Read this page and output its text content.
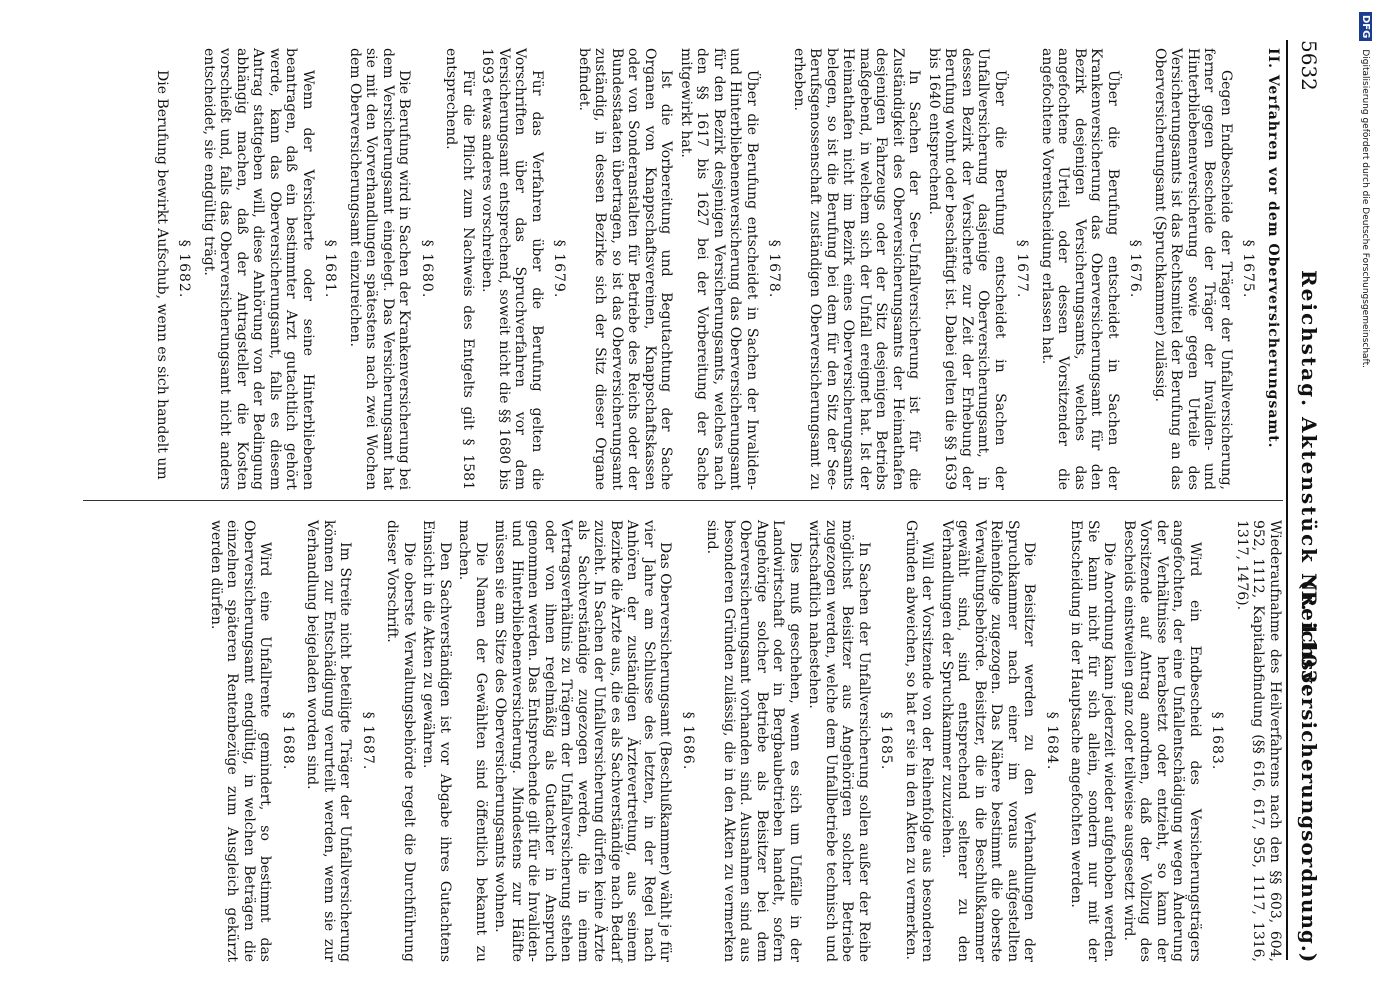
5632
Reichstag. Aktenstück Nr. 1103.
(Reichsversicherungsordnung.)
II. Verfahren vor dem Oberversicherungsamt.
§ 1675.

Gegen Endbescheide der Träger der Unfallversicherung, ferner gegen Bescheide der Träger der Invaliden- und Hinterbliebenenversicherung sowie gegen Urteile des Versicherungsamts ist das Rechtsmittel der Berufung an das Oberversicherungsamt (Spruchkammer) zulässig.

§ 1676.

Über die Berufung entscheidet in Sachen der Krankenversicherung das Oberversicherungsamt für den Bezirk desjenigen Versicherungsamts, welches das angefochtene Urteil oder dessen Vorsitzender die angefochtene Vorentscheidung erlassen hat.

§ 1677.

Über die Berufung entscheidet in Sachen der Unfallversicherung dasjenige Oberversicherungsamt, in dessen Bezirk der Versicherte zur Zeit der Erhebung der Berufung wohnt oder beschäftigt ist. Dabei gelten die §§ 1639 bis 1640 entsprechend.

In Sachen der See-Unfallversicherung ist für die Zuständigkeit des Oberversicherungsamts der Heimathafen desjenigen Fahrzeugs oder der Sitz desjenigen Betriebs maßgebend, in welchem sich der Unfall ereignet hat. Ist der Heimathafen nicht im Bezirk eines Oberversicherungsamts belegen, so ist die Berufung bei dem für den Sitz der See-Berufsgenossenschaft zuständigen Oberversicherungsamt zu erheben.

§ 1678.

Über die Berufung entscheidet in Sachen der Invaliden- und Hinterbliebenenversicherung das Oberversicherungsamt für den Bezirk desjenigen Versicherungsamts, welches nach den §§ 1617 bis 1627 bei der Vorbereitung der Sache mitgewirkt hat.

Ist die Vorbereitung und Begutachtung der Sache Organen von Knappschaftsvereinen, Knappschaftskassen oder von Sonderanstalten für Betriebe des Reichs oder der Bundesstaaten übertragen, so ist das Oberversicherungsamt zuständig, in dessen Bezirke sich der Sitz dieser Organe befindet.

§ 1679.

Für das Verfahren über die Berufung gelten die Vorschriften über das Spruchverfahren vor dem Versicherungsamt entsprechend, soweit nicht die §§ 1680 bis 1693 etwas anderes vorschreiben.

Für die Pflicht zum Nachweis des Entgelts gilt § 1581 entsprechend.

§ 1680.

Die Berufung wird in Sachen der Krankenversicherung bei dem Versicherungsamt eingelegt. Das Versicherungsamt hat sie mit den Vorverhandlungen spätestens nach zwei Wochen dem Oberversicherungsamt einzureichen.

§ 1681.

Wenn der Versicherte oder seine Hinterbliebenen beantragen, daß ein bestimmter Arzt gutachtlich gehört werde, kann das Oberversicherungsamt, falls es diesem Antrag stattgeben will, diese Anhörung von der Bedingung abhängig machen, daß der Antragsteller die Kosten vorschießt und, falls das Oberversicherungsamt nicht anders entscheidet, sie endgültig trägt.

§ 1682.

Die Berufung bewirkt Aufschub, wenn es sich handelt um

Wiederaufnahme des Heilverfahrens nach den §§ 603, 604, 952, 1112, Kapitalabfindung (§§ 616, 617, 955, 1117, 1316, 1317, 1476).

§ 1683.

Wird ein Endbescheid des Versicherungsträgers angefochten, der eine Unfallentschädigung wegen Änderung der Verhältnisse herabsetzt oder entzieht, so kann der Vorsitzende auf Antrag anordnen, daß der Vollzug des Bescheids einstweilen ganz oder teilweise ausgesetzt wird.

Die Anordnung kann jederzeit wieder aufgehoben werden. Sie kann nicht für sich allein, sondern nur mit der Entscheidung in der Hauptsache angefochten werden.

§ 1684.

Die Beisitzer werden zu den Verhandlungen der Spruchkammer nach einer im voraus aufgestellten Reihenfolge zugezogen. Das Nähere bestimmt die oberste Verwaltungsbehörde. Beisitzer, die in die Beschlußkammer gewählt sind, sind entsprechend seltener zu den Verhandlungen der Spruchkammer zuzuziehen.

Will der Vorsitzende von der Reihenfolge aus besonderen Gründen abweichen, so hat er sie in den Akten zu vermerken.

§ 1685.

In Sachen der Unfallversicherung sollen außer der Reihe möglichst Beisitzer aus Angehörigen solcher Betriebe zugezogen werden, welche dem Unfallbetriebe technisch und wirtschaftlich nahestehen.

Dies muß geschehen, wenn es sich um Unfälle in der Landwirtschaft oder in Bergbaubetrieben handelt, sofern Angehörige solcher Betriebe als Beisitzer bei dem Oberversicherungsamt vorhanden sind. Ausnahmen sind aus besonderen Gründen zulässig, die in den Akten zu vermerken sind.

§ 1686.

Das Oberversicherungsamt (Beschlußkammer) wählt je für vier Jahre am Schlusse des letzten, in der Regel nach Anhören der zuständigen Ärztevertretung, aus seinem Bezirke die Ärzte aus, die es als Sachverständige nach Bedarf zuzieht. In Sachen der Unfallversicherung dürfen keine Ärzte als Sachverständige zugezogen werden, die in einem Vertragsverhältnis zu Trägern der Unfallversicherung stehen oder von ihnen regelmäßig als Gutachter in Anspruch genommen werden. Das Entsprechende gilt für die Invaliden- und Hinterbliebenenversicherung. Mindestens zur Hälfte müssen sie am Sitze des Oberversicherungsamts wohnen.

Die Namen der Gewählten sind öffentlich bekannt zu machen.

Den Sachverständigen ist vor Abgabe ihres Gutachtens Einsicht in die Akten zu gewähren.

Die oberste Verwaltungsbehörde regelt die Durchführung dieser Vorschrift.

§ 1687.

Im Streite nicht beteiligte Träger der Unfallversicherung können zur Entschädigung verurteilt werden, wenn sie zur Verhandlung beigeladen worden sind.

§ 1688.

Wird eine Unfallrente gemindert, so bestimmt das Oberversicherungsamt endgültig, in welchen Beträgen die einzelnen späteren Rentenbezüge zum Ausgleich gekürzt werden dürfen.

DFGDigitalisierung gefördert durch die Deutsche Forschungsgemeinschaft.
